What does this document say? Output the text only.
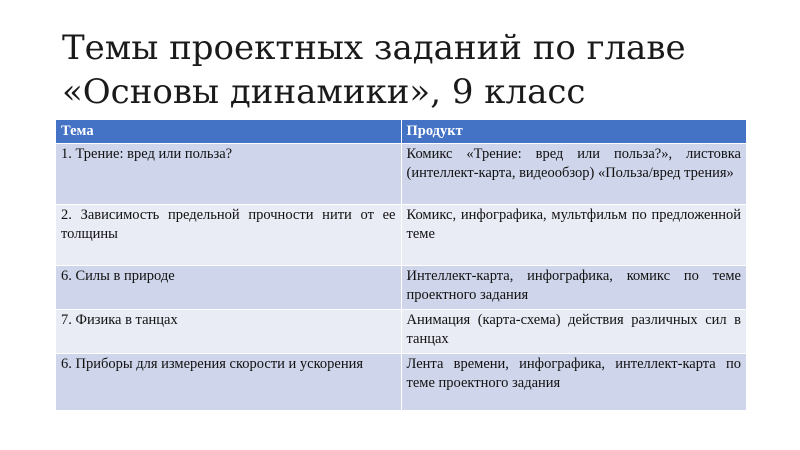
Темы проектных заданий по главе
«Основы динамики», 9 класс
Тема	Продукт
1. Трение: вред или польза?	Комикс «Трение: вред или польза?», листовка (интеллект-карта, видеообзор) «Польза/вред трения»
2. Зависимость предельной прочности нити от ее толщины	Комикс, инфографика, мультфильм по предложенной теме
6. Силы в природе	Интеллект-карта, инфографика, комикс по теме проектного задания
7. Физика в танцах	Анимация (карта-схема) действия различных сил в танцах
6. Приборы для измерения скорости и ускорения	Лента времени, инфографика, интеллект-карта по теме проектного задания
